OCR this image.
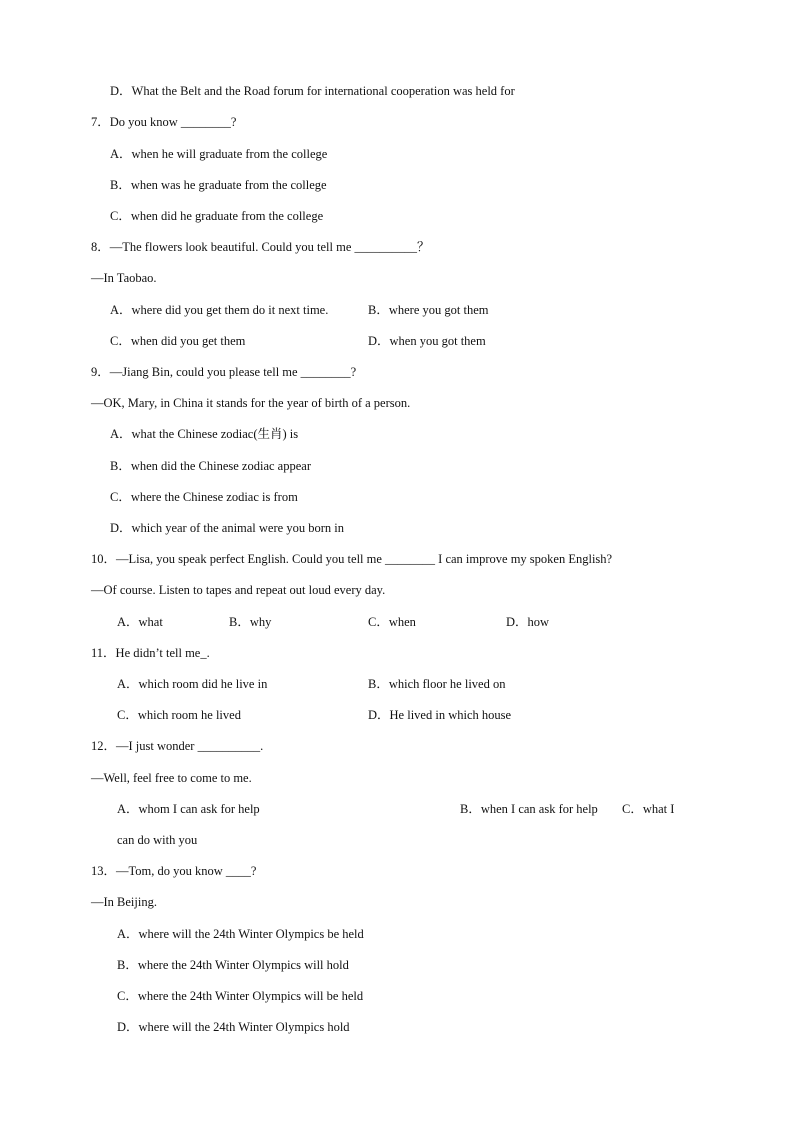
D．What the Belt and the Road forum for international cooperation was held for
7．Do you know ________?
A．when he will graduate from the college
B．when was he graduate from the college
C．when did he graduate from the college
8．—The flowers look beautiful. Could you tell me __________？
—In Taobao.
A．where did you get them do it next time.	B．where you got them
C．when did you get them	D．when you got them
9．—Jiang Bin, could you please tell me ________?
—OK, Mary, in China it stands for the year of birth of a person.
A．what the Chinese zodiac(生肖) is
B．when did the Chinese zodiac appear
C．where the Chinese zodiac is from
D．which year of the animal were you born in
10．—Lisa, you speak perfect English. Could you tell me ________ I can improve my spoken English?
—Of course. Listen to tapes and repeat out loud every day.
A．what	B．why	C．when	D．how
11．He didn’t tell me_.
A．which room did he live in	B．which floor he lived on
C．which room he lived	D．He lived in which house
12．—I just wonder __________.
—Well, feel free to come to me.
A．whom I can ask for help	B．when I can ask for help C．what I
can do with you
13．—Tom, do you know ____?
—In Beijing.
A．where will the 24th Winter Olympics be held
B．where the 24th Winter Olympics will hold
C．where the 24th Winter Olympics will be held
D．where will the 24th Winter Olympics hold
